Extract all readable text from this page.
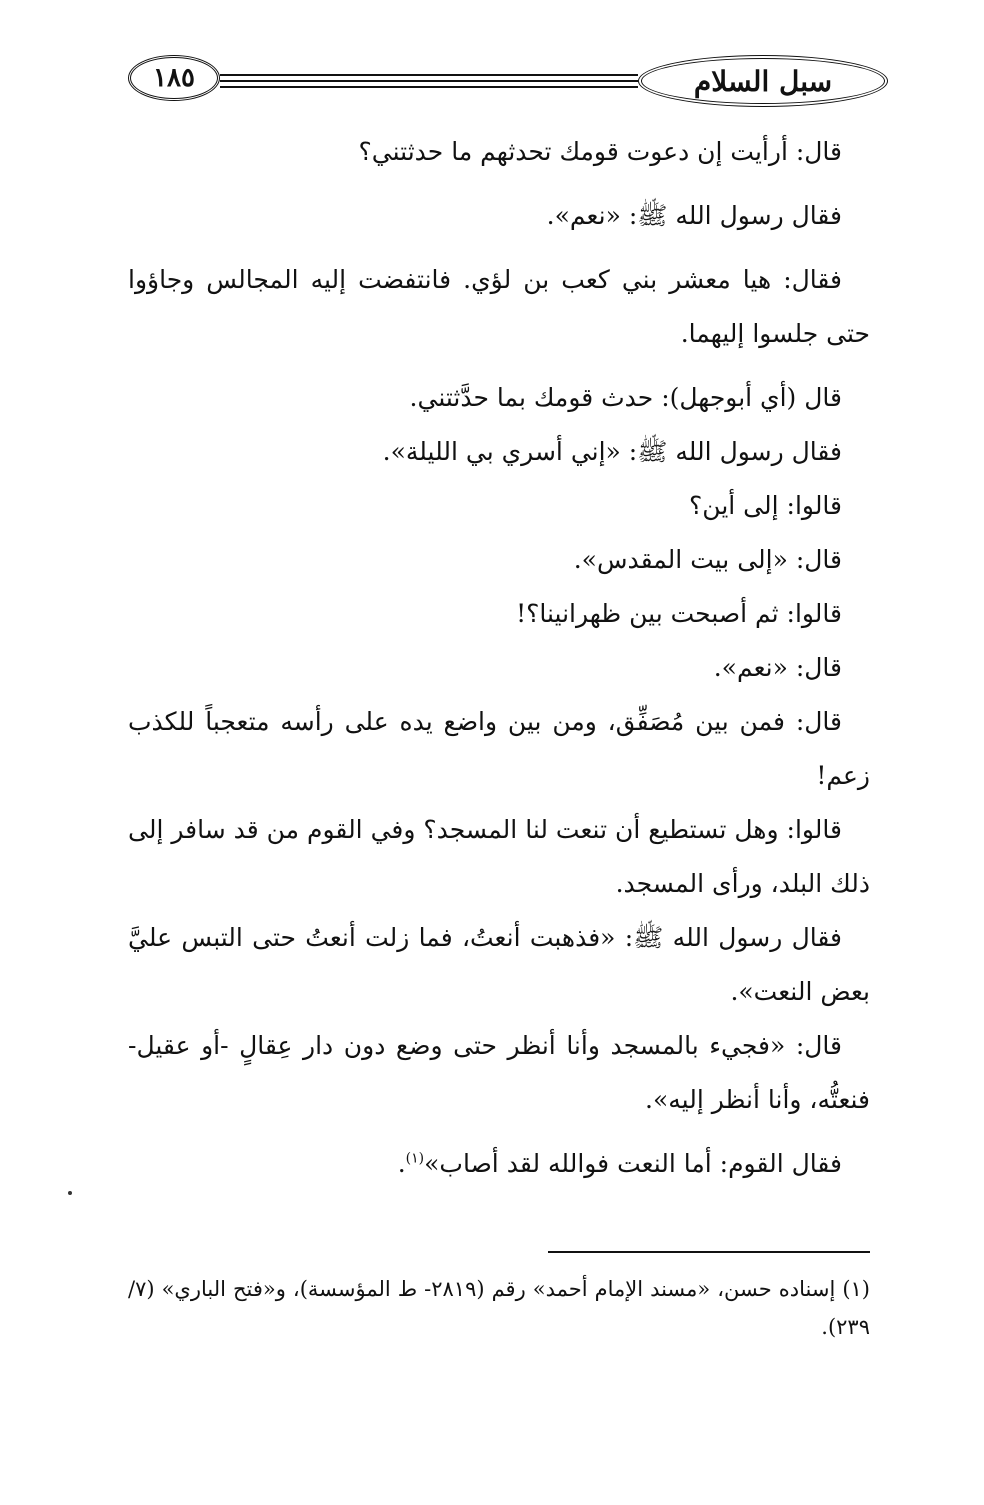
١٨٥	سبل السلام

قال: أرأيت إن دعوت قومك تحدثهم ما حدثتني؟

فقال رسول الله ﷺ: «نعم».

فقال: هيا معشر بني كعب بن لؤي. فانتفضت إليه المجالس وجاؤوا حتى جلسوا إليهما.

قال (أي أبوجهل): حدث قومك بما حدَّثتني.

فقال رسول الله ﷺ: «إني أسري بي الليلة».

قالوا: إلى أين؟

قال: «إلى بيت المقدس».

قالوا: ثم أصبحت بين ظهرانينا؟!

قال: «نعم».

قال: فمن بين مُصَفِّق، ومن بين واضع يده على رأسه متعجباً للكذب زعم!

قالوا: وهل تستطيع أن تنعت لنا المسجد؟ وفي القوم من قد سافر إلى ذلك البلد، ورأى المسجد.

فقال رسول الله ﷺ: «فذهبت أنعتُ، فما زلت أنعتُ حتى التبس عليَّ بعض النعت».

قال: «فجيء بالمسجد وأنا أنظر حتى وضع دون دار عِقالٍ -أو عقيل- فنعتُّه، وأنا أنظر إليه».

فقال القوم: أما النعت فوالله لقد أصاب»$^{(١)}$.

(١) إسناده حسن، «مسند الإمام أحمد» رقم (٢٨١٩- ط المؤسسة)، و«فتح الباري» (٧/ ٢٣٩).
